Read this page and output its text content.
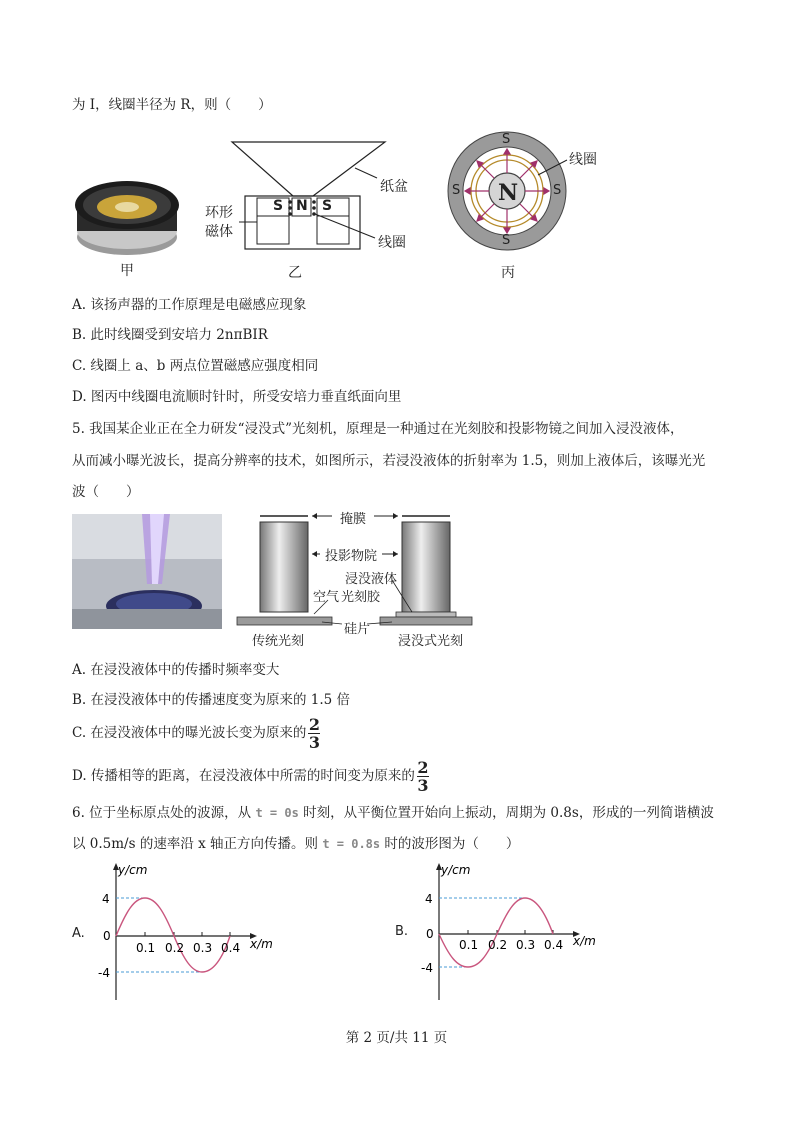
为 I，线圈半径为 R，则（　　）
甲
S N S
纸盆
环形
磁体
线圈
乙
N
S
S
S	S
线圈
丙
A. 该扬声器的工作原理是电磁感应现象
B. 此时线圈受到安培力 2nπBIR
C. 线圈上 a、b 两点位置磁感应强度相同
D. 图丙中线圈电流顺时针时，所受安培力垂直纸面向里
5. 我国某企业正在全力研发“浸没式”光刻机，原理是一种通过在光刻胶和投影物镜之间加入浸没液体，
从而减小曝光波长，提高分辨率的技术，如图所示，若浸没液体的折射率为 1.5，则加上液体后，该曝光光
波（　　）
掩膜
投影物院
浸没液体
空气 光刻胶
硅片
传统光刻	浸没式光刻
A. 在浸没液体中的传播时频率变大
B. 在浸没液体中的传播速度变为原来的 1.5 倍
C. 在浸没液体中的曝光波长变为原来的 $\frac{2}{3}$
D. 传播相等的距离，在浸没液体中所需的时间变为原来的 $\frac{2}{3}$
6. 位于坐标原点处的波源，从 t = 0s 时刻，从平衡位置开始向上振动，周期为 0.8s，形成的一列简谐横波
以 0.5m/s 的速率沿 x 轴正方向传播。则 t = 0.8s 时的波形图为（　　）
A.
y/cm
4
0
-4
0.1 0.2 0.3 0.4 x/m
B.
y/cm
4
0
-4
0.1 0.2 0.3 0.4 x/m
第 2 页/共 11 页
